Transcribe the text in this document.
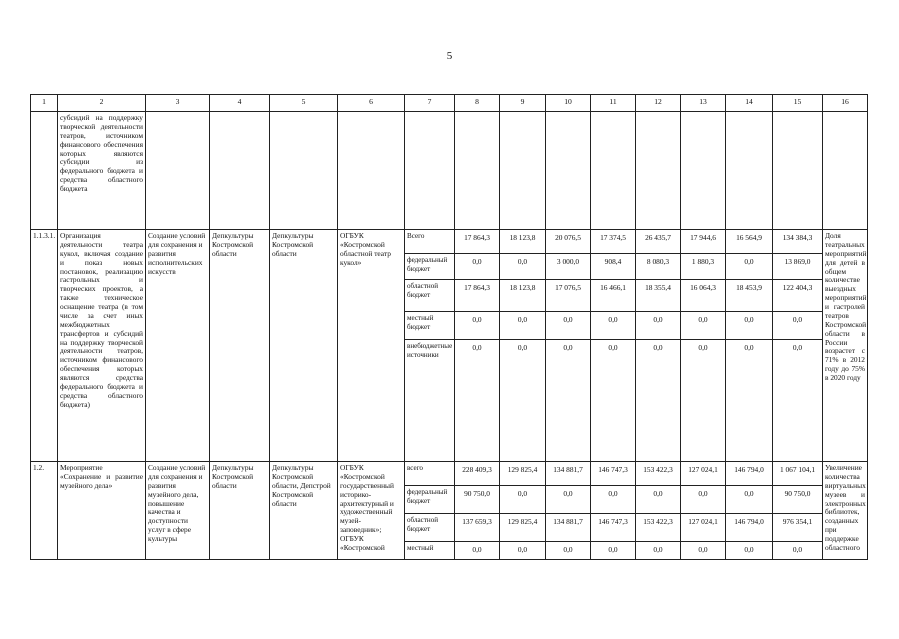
5
1	2	3	4	5	6	7	8	9	10	11	12	13	14	15	16
	субсидий на поддержку творческой деятельности театров, источником финансового обеспечения которых являются субсидии из федерального бюджета и средства областного бюджета														
1.1.3.1.	Организация деятельности театра кукол, включая создание и показ новых постановок, реализацию гастрольных и творческих проектов, а также техническое оснащение театра (в том числе за счет иных межбюджетных трансфертов и субсидий на поддержку творческой деятельности театров, источником финансового обеспечения которых являются средства федерального бюджета и средства областного бюджета)	Создание условий для сохранения и развития исполнительских искусств	Депкультуры Костромской области	Депкультуры Костромской области	ОГБУК «Костромской областной театр кукол»	Всего	17 864,3	18 123,8	20 076,5	17 374,5	26 435,7	17 944,6	16 564,9	134 384,3	Доля театральных мероприятий для детей в общем количестве выездных мероприятий и гастролей театров Костромской области в России возрастет с 71% в 2012 году до 75% в 2020 году
						федеральный бюджет	0,0	0,0	3 000,0	908,4	8 080,3	1 880,3	0,0	13 869,0	
						областной бюджет	17 864,3	18 123,8	17 076,5	16 466,1	18 355,4	16 064,3	18 453,9	122 404,3	
						местный бюджет	0,0	0,0	0,0	0,0	0,0	0,0	0,0	0,0	
						внебюджетные источники	0,0	0,0	0,0	0,0	0,0	0,0	0,0	0,0	
1.2.	Мероприятие «Сохранение и развитие музейного дела»	Создание условий для сохранения и развития музейного дела, повышение качества и доступности услуг в сфере культуры	Депкультуры Костромской области	Депкультуры Костромской области, Депстрой Костромской области	ОГБУК «Костромской государственный историко-архитектурный и художественный музей-заповедник»; ОГБУК «Костромской	всего	228 409,3	129 825,4	134 881,7	146 747,3	153 422,3	127 024,1	146 794,0	1 067 104,1	Увеличение количества виртуальных музеев и электронных библиотек, созданных при поддержке областного
						федеральный бюджет	90 750,0	0,0	0,0	0,0	0,0	0,0	0,0	90 750,0	
						областной бюджет	137 659,3	129 825,4	134 881,7	146 747,3	153 422,3	127 024,1	146 794,0	976 354,1	
						местный	0,0	0,0	0,0	0,0	0,0	0,0	0,0	0,0	
